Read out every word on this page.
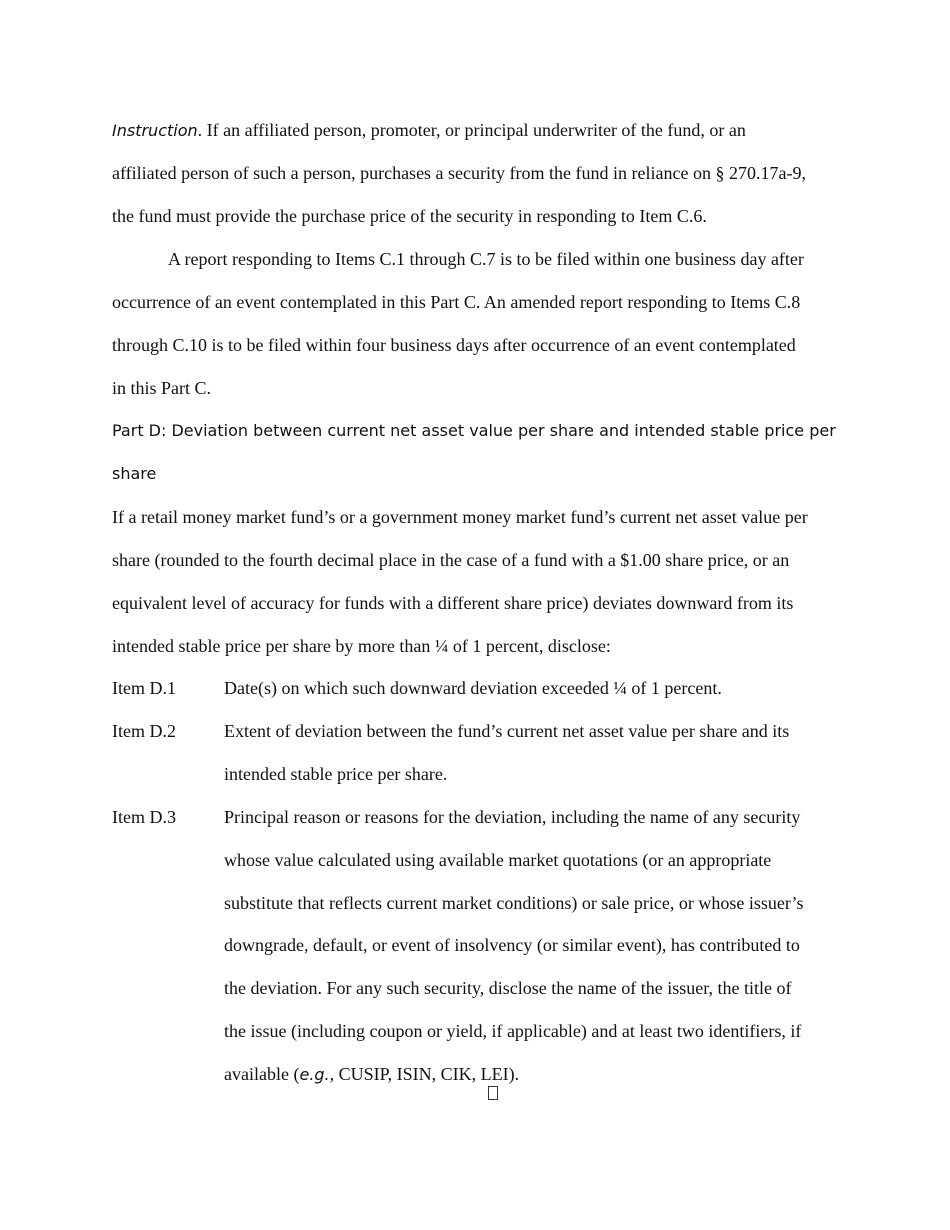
Instruction. If an affiliated person, promoter, or principal underwriter of the fund, or an
affiliated person of such a person, purchases a security from the fund in reliance on § 270.17a-9,
the fund must provide the purchase price of the security in responding to Item C.6.
A report responding to Items C.1 through C.7 is to be filed within one business day after
occurrence of an event contemplated in this Part C. An amended report responding to Items C.8
through C.10 is to be filed within four business days after occurrence of an event contemplated
in this Part C.
Part D: Deviation between current net asset value per share and intended stable price per
share
If a retail money market fund’s or a government money market fund’s current net asset value per
share (rounded to the fourth decimal place in the case of a fund with a $1.00 share price, or an
equivalent level of accuracy for funds with a different share price) deviates downward from its
intended stable price per share by more than ¼ of 1 percent, disclose:
Item D.1	Date(s) on which such downward deviation exceeded ¼ of 1 percent.
Item D.2	Extent of deviation between the fund’s current net asset value per share and its
intended stable price per share.
Item D.3	Principal reason or reasons for the deviation, including the name of any security
whose value calculated using available market quotations (or an appropriate
substitute that reflects current market conditions) or sale price, or whose issuer’s
downgrade, default, or event of insolvency (or similar event), has contributed to
the deviation. For any such security, disclose the name of the issuer, the title of
the issue (including coupon or yield, if applicable) and at least two identifiers, if
available (e.g., CUSIP, ISIN, CIK, LEI).
